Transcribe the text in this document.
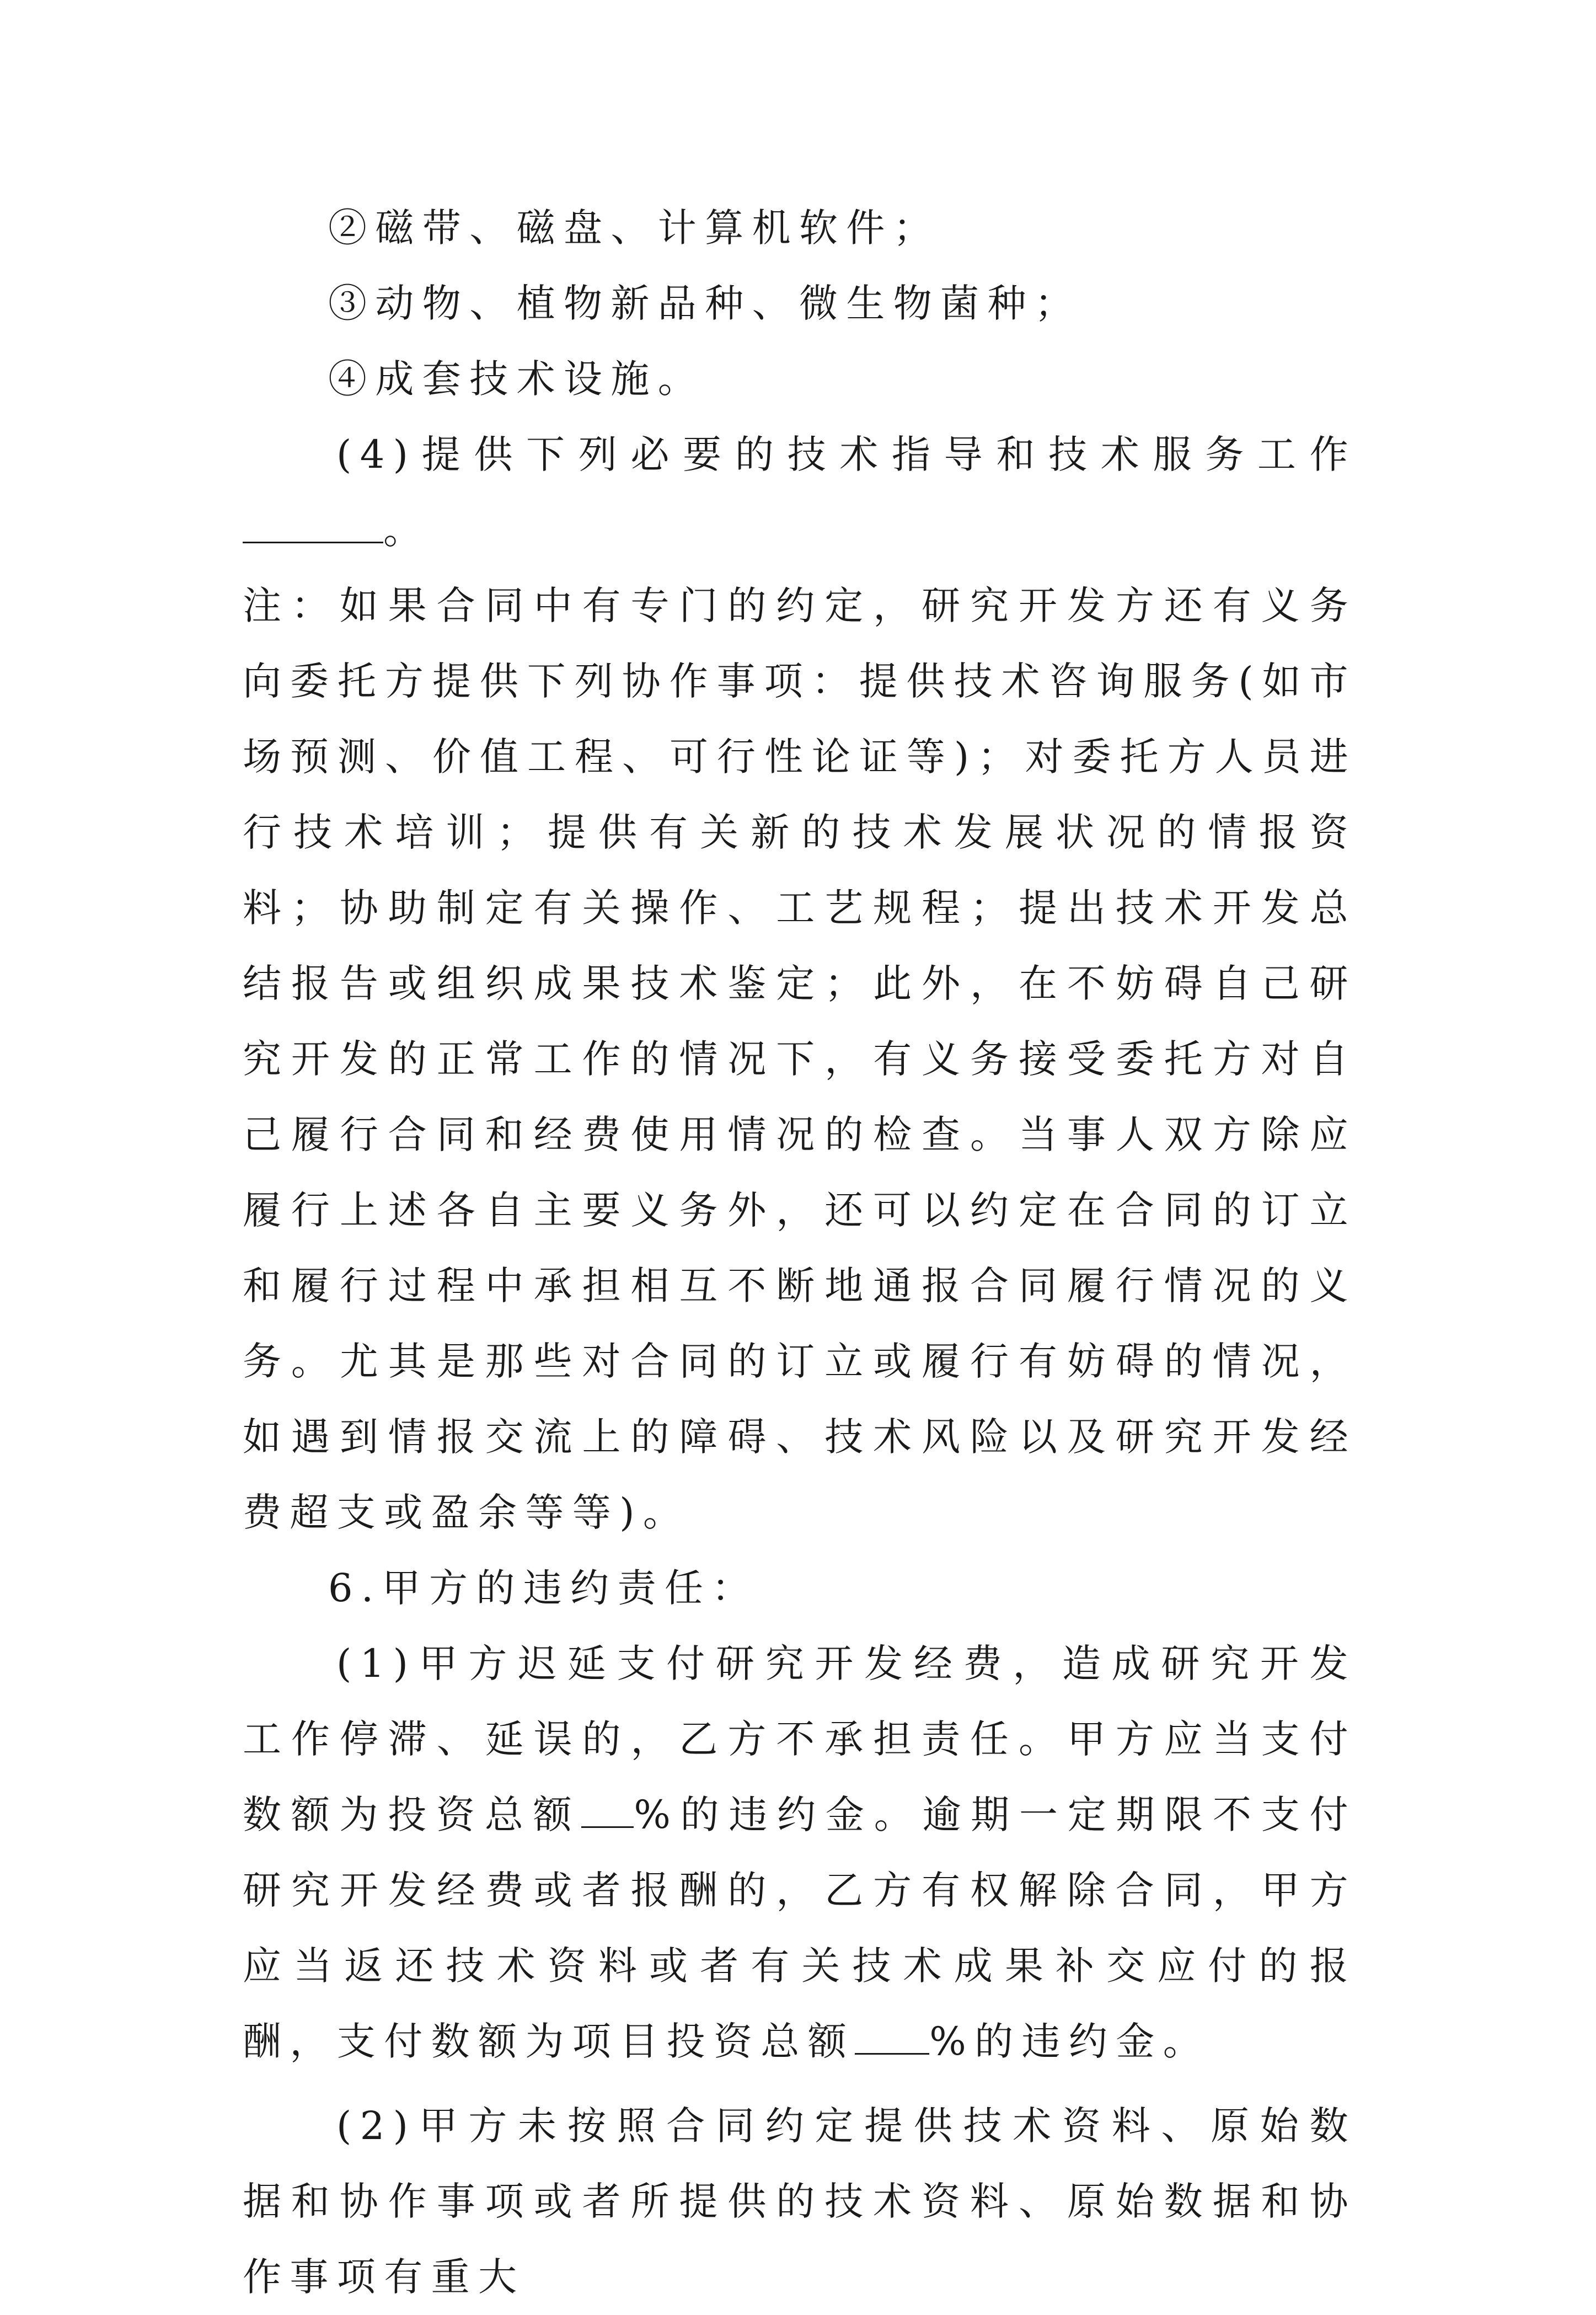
②磁带、磁盘、计算机软件；

③动物、植物新品种、微生物菌种；

④成套技术设施。

(4)提供下列必要的技术指导和技术服务工作。

注：如果合同中有专门的约定，研究开发方还有义务向委托方提供下列协作事项：提供技术咨询服务(如市场预测、价值工程、可行性论证等)；对委托方人员进行技术培训；提供有关新的技术发展状况的情报资料；协助制定有关操作、工艺规程；提出技术开发总结报告或组织成果技术鉴定；此外，在不妨碍自己研究开发的正常工作的情况下，有义务接受委托方对自己履行合同和经费使用情况的检查。当事人双方除应履行上述各自主要义务外，还可以约定在合同的订立和履行过程中承担相互不断地通报合同履行情况的义务。尤其是那些对合同的订立或履行有妨碍的情况，如遇到情报交流上的障碍、技术风险以及研究开发经费超支或盈余等等)。

6.甲方的违约责任：

(1)甲方迟延支付研究开发经费，造成研究开发工作停滞、延误的，乙方不承担责任。甲方应当支付数额为投资总额 %的违约金。逾期一定期限不支付研究开发经费或者报酬的，乙方有权解除合同，甲方应当返还技术资料或者有关技术成果补交应付的报酬，支付数额为项目投资总额 %的违约金。

(2)甲方未按照合同约定提供技术资料、原始数据和协作事项或者所提供的技术资料、原始数据和协作事项有重大
